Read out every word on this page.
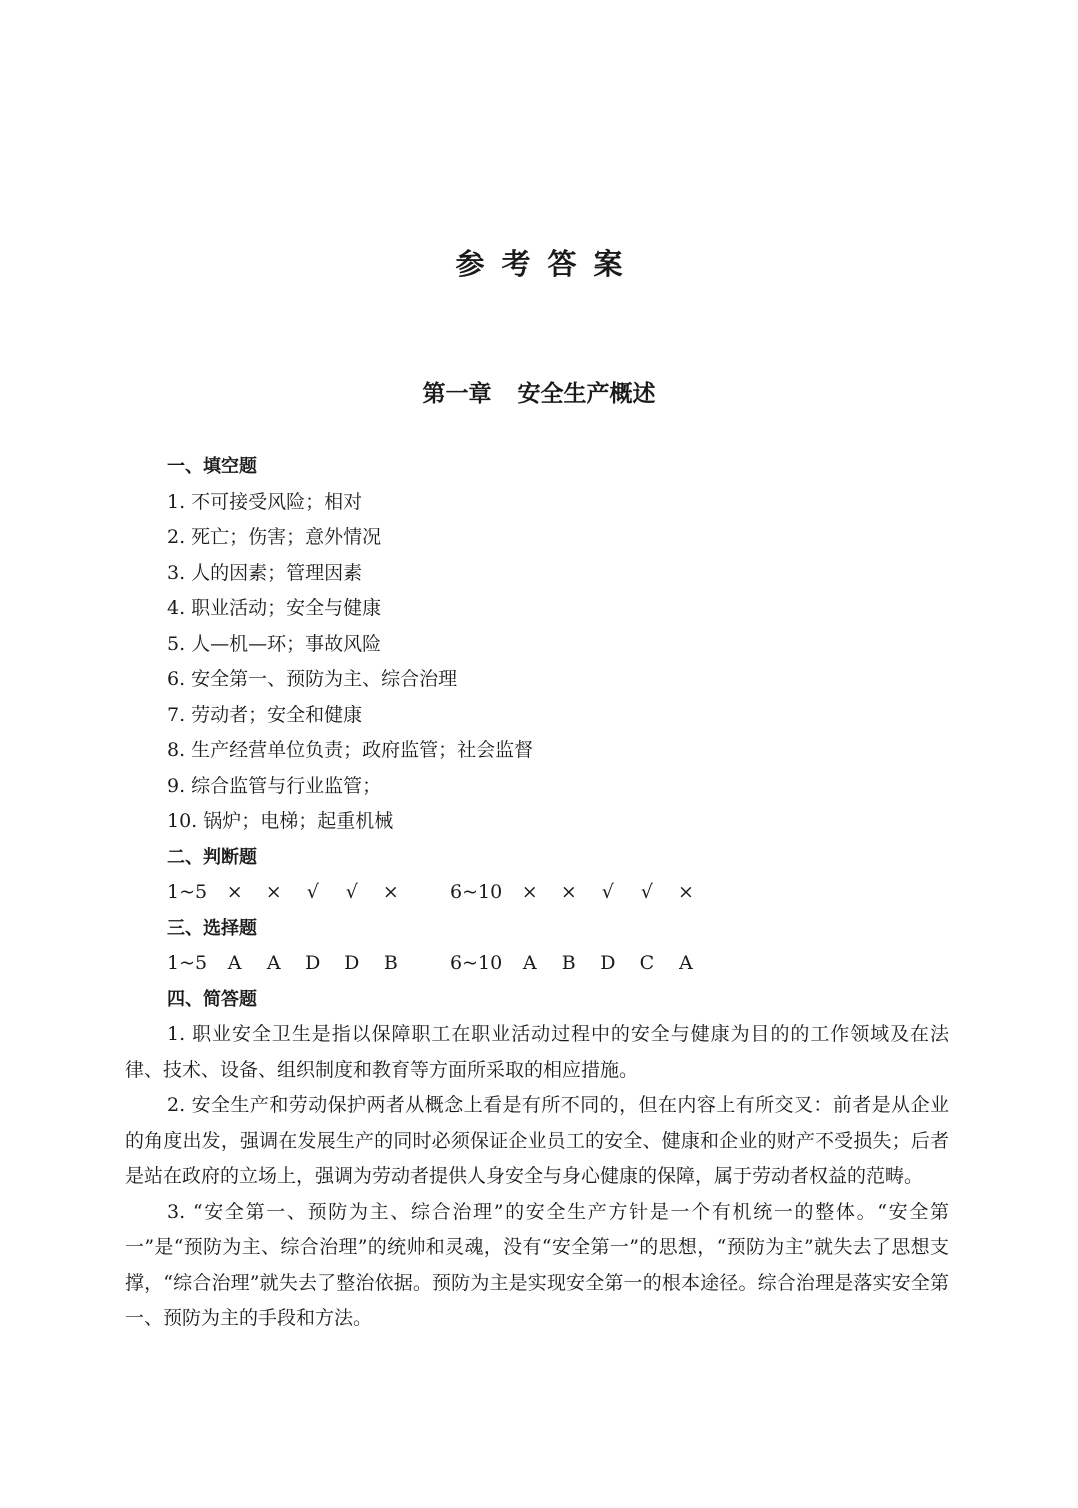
参考答案
第一章 安全生产概述
一、填空题
1. 不可接受风险；相对
2. 死亡；伤害；意外情况
3. 人的因素；管理因素
4. 职业活动；安全与健康
5. 人—机—环；事故风险
6. 安全第一、预防为主、综合治理
7. 劳动者；安全和健康
8. 生产经营单位负责；政府监管；社会监督
9. 综合监管与行业监管；
10. 锅炉；电梯；起重机械
二、判断题
1~5 × × √ √ ×	6~10 × × √ √ ×
三、选择题
1~5 A A D D B	6~10 A B D C A
四、简答题

1. 职业安全卫生是指以保障职工在职业活动过程中的安全与健康为目的的工作领域及在法律、技术、设备、组织制度和教育等方面所采取的相应措施。

2. 安全生产和劳动保护两者从概念上看是有所不同的，但在内容上有所交叉：前者是从企业的角度出发，强调在发展生产的同时必须保证企业员工的安全、健康和企业的财产不受损失；后者是站在政府的立场上，强调为劳动者提供人身安全与身心健康的保障，属于劳动者权益的范畴。

3. “安全第一、预防为主、综合治理”的安全生产方针是一个有机统一的整体。“安全第一”是“预防为主、综合治理”的统帅和灵魂，没有“安全第一”的思想，“预防为主”就失去了思想支撑，“综合治理”就失去了整治依据。预防为主是实现安全第一的根本途径。综合治理是落实安全第一、预防为主的手段和方法。
